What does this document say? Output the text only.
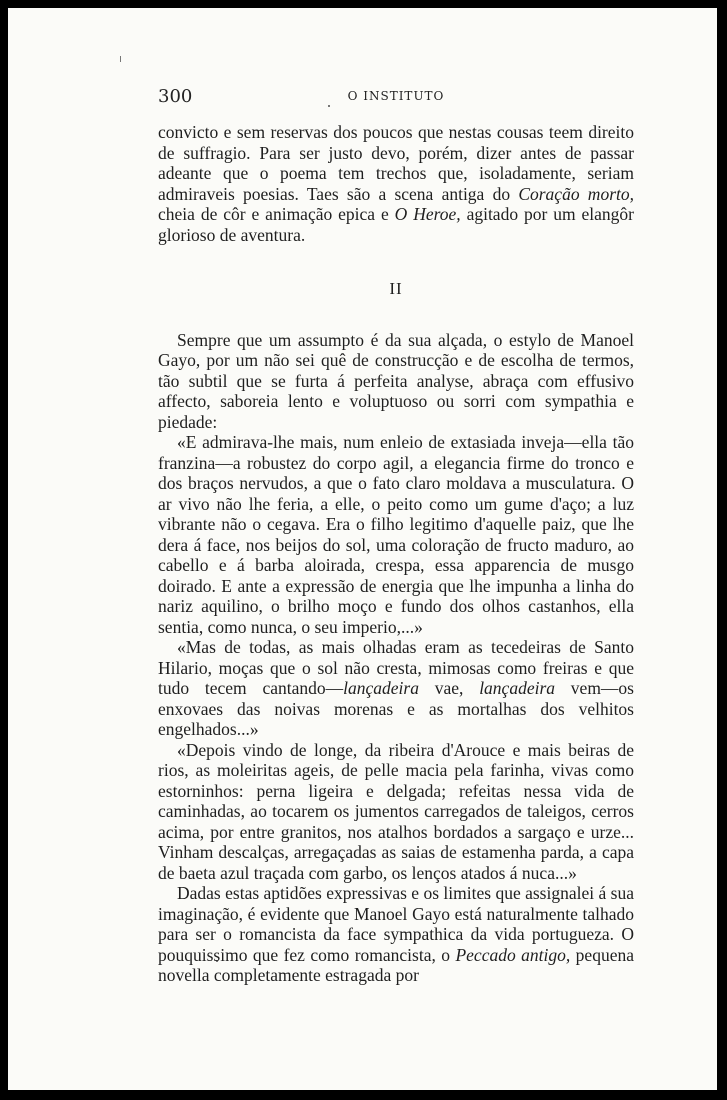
300	O INSTITUTO

convicto e sem reservas dos poucos que nestas cousas teem direito de suffragio. Para ser justo devo, porém, dizer antes de passar adeante que o poema tem trechos que, isoladamente, seriam admiraveis poesias. Taes são a scena antiga do Coração morto, cheia de côr e animação epica e O Heroe, agitado por um elangôr glorioso de aventura.

II

Sempre que um assumpto é da sua alçada, o estylo de Manoel Gayo, por um não sei quê de construcção e de escolha de termos, tão subtil que se furta á perfeita analyse, abraça com effusivo affecto, saboreia lento e voluptuoso ou sorri com sympathia e piedade:

«E admirava-lhe mais, num enleio de extasiada inveja—ella tão franzina—a robustez do corpo agil, a elegancia firme do tronco e dos braços nervudos, a que o fato claro moldava a musculatura. O ar vivo não lhe feria, a elle, o peito como um gume d'aço; a luz vibrante não o cegava. Era o filho legitimo d'aquelle paiz, que lhe dera á face, nos beijos do sol, uma coloração de fructo maduro, ao cabello e á barba aloirada, crespa, essa apparencia de musgo doirado. E ante a expressão de energia que lhe impunha a linha do nariz aquilino, o brilho moço e fundo dos olhos castanhos, ella sentia, como nunca, o seu imperio,...»

«Mas de todas, as mais olhadas eram as tecedeiras de Santo Hilario, moças que o sol não cresta, mimosas como freiras e que tudo tecem cantando—lançadeira vae, lançadeira vem—os enxovaes das noivas morenas e as mortalhas dos velhitos engelhados...»

«Depois vindo de longe, da ribeira d'Arouce e mais beiras de rios, as moleiritas ageis, de pelle macia pela farinha, vivas como estorninhos: perna ligeira e delgada; refeitas nessa vida de caminhadas, ao tocarem os jumentos carregados de taleigos, cerros acima, por entre granitos, nos atalhos bordados a sargaço e urze... Vinham descalças, arregaçadas as saias de estamenha parda, a capa de baeta azul traçada com garbo, os lenços atados á nuca...»

Dadas estas aptidões expressivas e os limites que assignalei á sua imaginação, é evidente que Manoel Gayo está naturalmente talhado para ser o romancista da face sympathica da vida portugueza. O pouquissimo que fez como romancista, o Peccado antigo, pequena novella completamente estragada por
